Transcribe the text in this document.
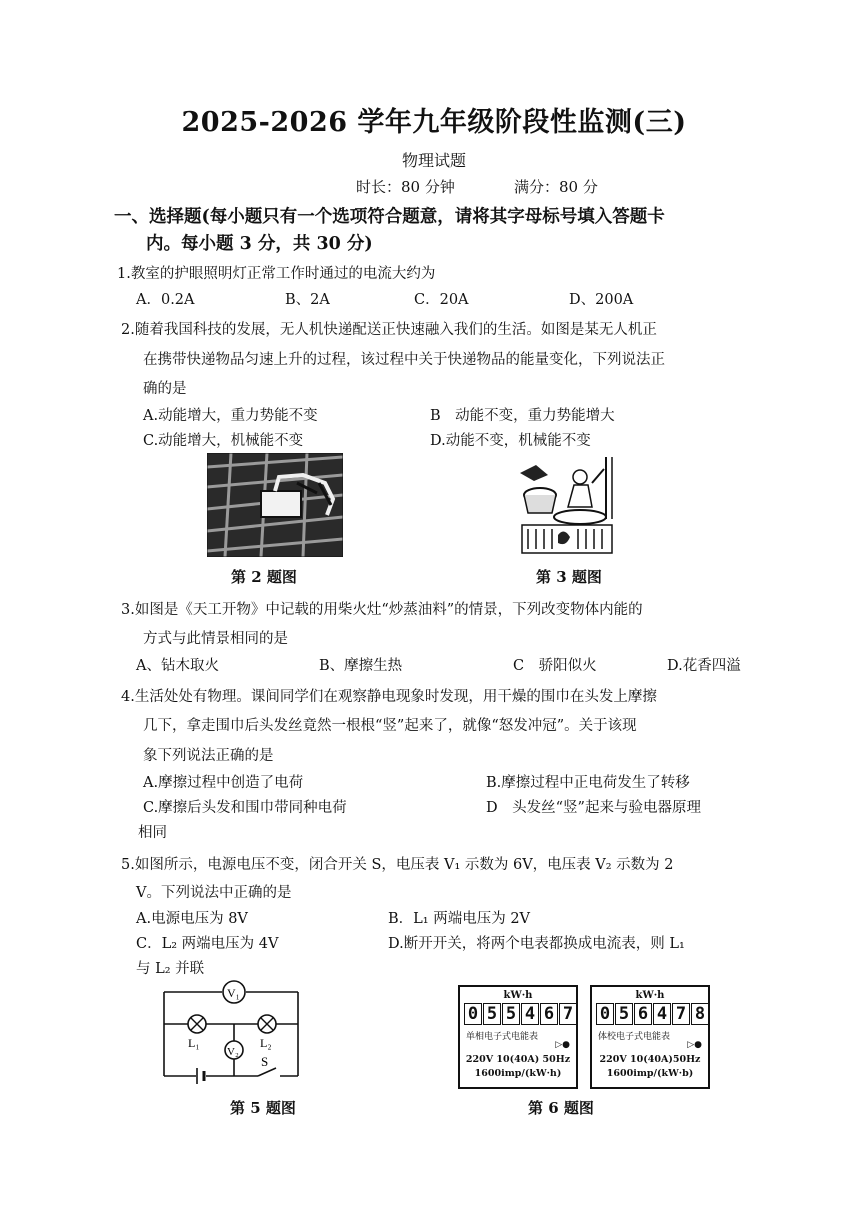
2025-2026 学年九年级阶段性监测(三)
物理试题
时长：80 分钟	满分：80 分
一、选择题(每小题只有一个选项符合题意，请将其字母标号填入答题卡
内。每小题 3 分，共 30 分)
1.教室的护眼照明灯正常工作时通过的电流大约为
A．0.2A	B、2A	C．20A	D、200A
2.随着我国科技的发展，无人机快递配送正快速融入我们的生活。如图是某无人机正
在携带快递物品匀速上升的过程，该过程中关于快递物品的能量变化，下列说法正
确的是
A.动能增大，重力势能不变	B　动能不变，重力势能增大
C.动能增大，机械能不变	D.动能不变，机械能不变
第 2 题图	第 3 题图
3.如图是《天工开物》中记载的用柴火灶“炒蒸油料”的情景，下列改变物体内能的
方式与此情景相同的是
A、钻木取火	B、摩擦生热	C　骄阳似火	D.花香四溢
4.生活处处有物理。课间同学们在观察静电现象时发现，用干燥的围巾在头发上摩擦
几下，拿走围巾后头发丝竟然一根根“竖”起来了，就像“怒发冲冠”。关于该现
象下列说法正确的是
A.摩擦过程中创造了电荷	B.摩擦过程中正电荷发生了转移
C.摩擦后头发和围巾带同种电荷	D　头发丝“竖”起来与验电器原理
相同
5.如图所示，电源电压不变，闭合开关 S，电压表 V₁ 示数为 6V，电压表 V₂ 示数为 2
V。下列说法中正确的是
A.电源电压为 8V	B．L₁ 两端电压为 2V
C．L₂ 两端电压为 4V	D.断开开关，将两个电表都换成电流表，则 L₁
与 L₂ 并联
V₁
L₁	L₂
V₂
S
第 5 题图
kW·h
0 5 5 4 6 7
单相电子式电能表
▷●
220V 10(40A) 50Hz
1600imp/(kW·h)
kW·h
0 5 6 4 7 8
体校电子式电能表
▷●
220V 10(40A)50Hz
1600imp/(kW·b)
第 6 题图
